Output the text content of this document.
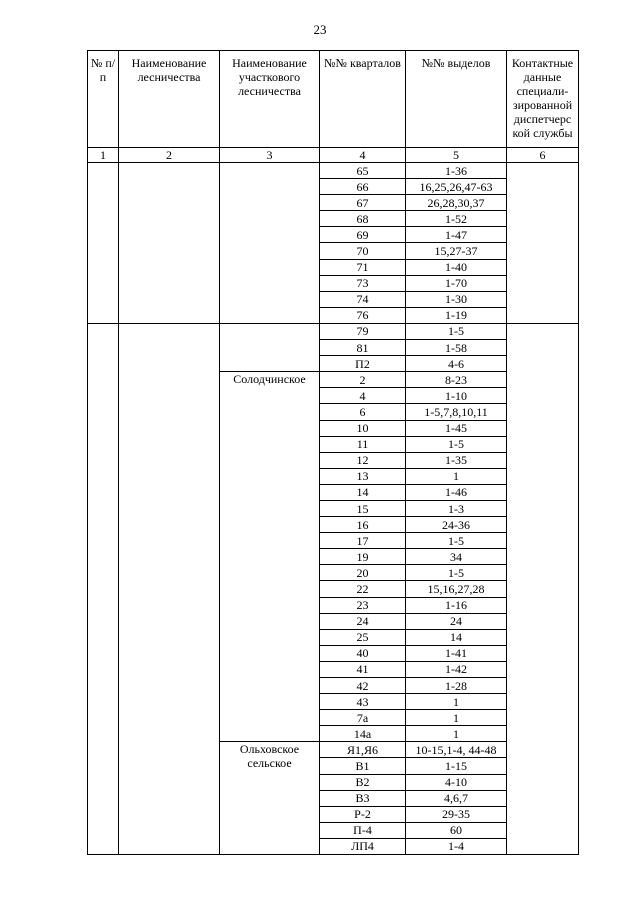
23
№ п/п	Наименование лесничества	Наименование участкового лесничества	№№ кварталов	№№ выделов	Контактные данные специали-зированной диспетчерс кой службы
1	2	3	4	5	6
			65	1-36	
			66	16,25,26,47-63	
			67	26,28,30,37	
			68	1-52	
			69	1-47	
			70	15,27-37	
			71	1-40	
			73	1-70	
			74	1-30	
			76	1-19	
			79	1-5	
			81	1-58	
			П2	4-6	
		Солодчинское	2	8-23	
			4	1-10	
			6	1-5,7,8,10,11	
			10	1-45	
			11	1-5	
			12	1-35	
			13	1	
			14	1-46	
			15	1-3	
			16	24-36	
			17	1-5	
			19	34	
			20	1-5	
			22	15,16,27,28	
			23	1-16	
			24	24	
			25	14	
			40	1-41	
			41	1-42	
			42	1-28	
			43	1	
			7а	1	
			14а	1	
		Ольховское сельское	Я1,Я6	10-15,1-4, 44-48	
			В1	1-15	
			В2	4-10	
			В3	4,6,7	
			Р-2	29-35	
			П-4	60	
			ЛП4	1-4	
